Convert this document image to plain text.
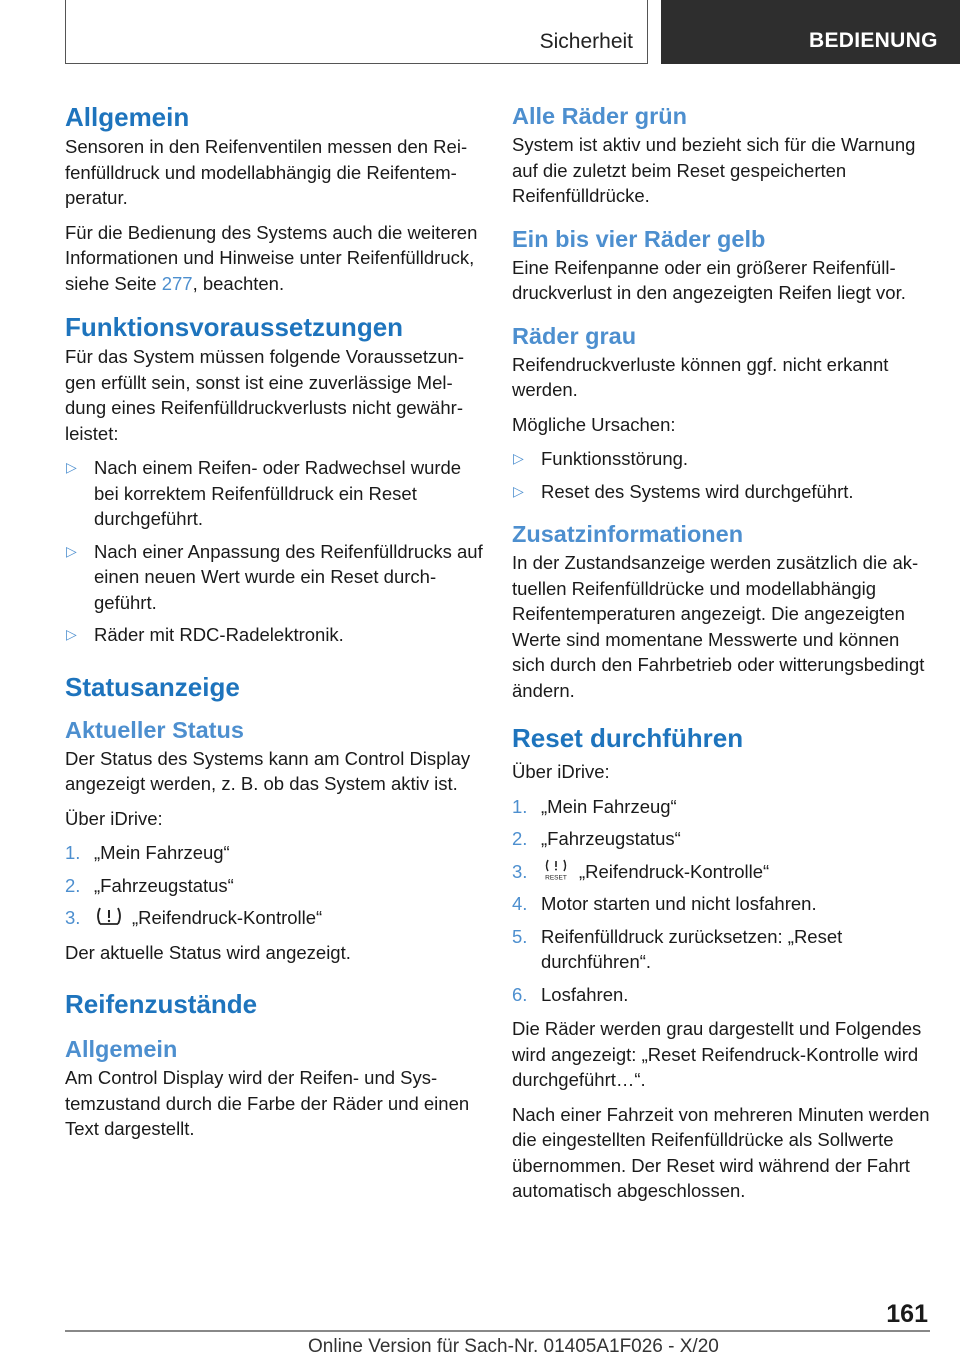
Sicherheit	BEDIENUNG
Allgemein

Sensoren in den Reifenventilen messen den Reifenfülldruck und modellabhängig die Reifentemperatur.

Für die Bedienung des Systems auch die weiteren Informationen und Hinweise unter Reifenfülldruck, siehe Seite 277, beachten.

Funktionsvoraussetzungen

Für das System müssen folgende Voraussetzungen erfüllt sein, sonst ist eine zuverlässige Meldung eines Reifenfülldruckverlusts nicht gewährleistet:

▷ Nach einem Reifen- oder Radwechsel wurde bei korrektem Reifenfülldruck ein Reset durchgeführt.
▷ Nach einer Anpassung des Reifenfülldrucks auf einen neuen Wert wurde ein Reset durchgeführt.
▷ Räder mit RDC-Radelektronik.
Statusanzeige
Aktueller Status

Der Status des Systems kann am Control Display angezeigt werden, z. B. ob das System aktiv ist.

Über iDrive:

1. „Mein Fahrzeug“
2. „Fahrzeugstatus“
3.	„Reifendruck-Kontrolle“

Der aktuelle Status wird angezeigt.

Reifenzustände
Allgemein

Am Control Display wird der Reifen- und Systemzustand durch die Farbe der Räder und einen Text dargestellt.

Alle Räder grün

System ist aktiv und bezieht sich für die Warnung auf die zuletzt beim Reset gespeicherten Reifenfülldrücke.

Ein bis vier Räder gelb

Eine Reifenpanne oder ein größerer Reifenfülldruckverlust in den angezeigten Reifen liegt vor.

Räder grau

Reifendruckverluste können ggf. nicht erkannt werden.

Mögliche Ursachen:

▷ Funktionsstörung.
▷ Reset des Systems wird durchgeführt.
Zusatzinformationen

In der Zustandsanzeige werden zusätzlich die aktuellen Reifenfülldrücke und modellabhängig Reifentemperaturen angezeigt. Die angezeigten Werte sind momentane Messwerte und können sich durch den Fahrbetrieb oder witterungsbedingt ändern.

Reset durchführen

Über iDrive:

1. „Mein Fahrzeug“
2. „Fahrzeugstatus“
3.	RESET „Reifendruck-Kontrolle“
4. Motor starten und nicht losfahren.
5. Reifenfülldruck zurücksetzen: „Reset durchführen“.
6. Losfahren.

Die Räder werden grau dargestellt und Folgendes wird angezeigt: „Reset Reifendruck-Kontrolle wird durchgeführt…“.

Nach einer Fahrzeit von mehreren Minuten werden die eingestellten Reifenfülldrücke als Sollwerte übernommen. Der Reset wird während der Fahrt automatisch abgeschlossen.

161
Online Version für Sach-Nr. 01405A1F026 - X/20
